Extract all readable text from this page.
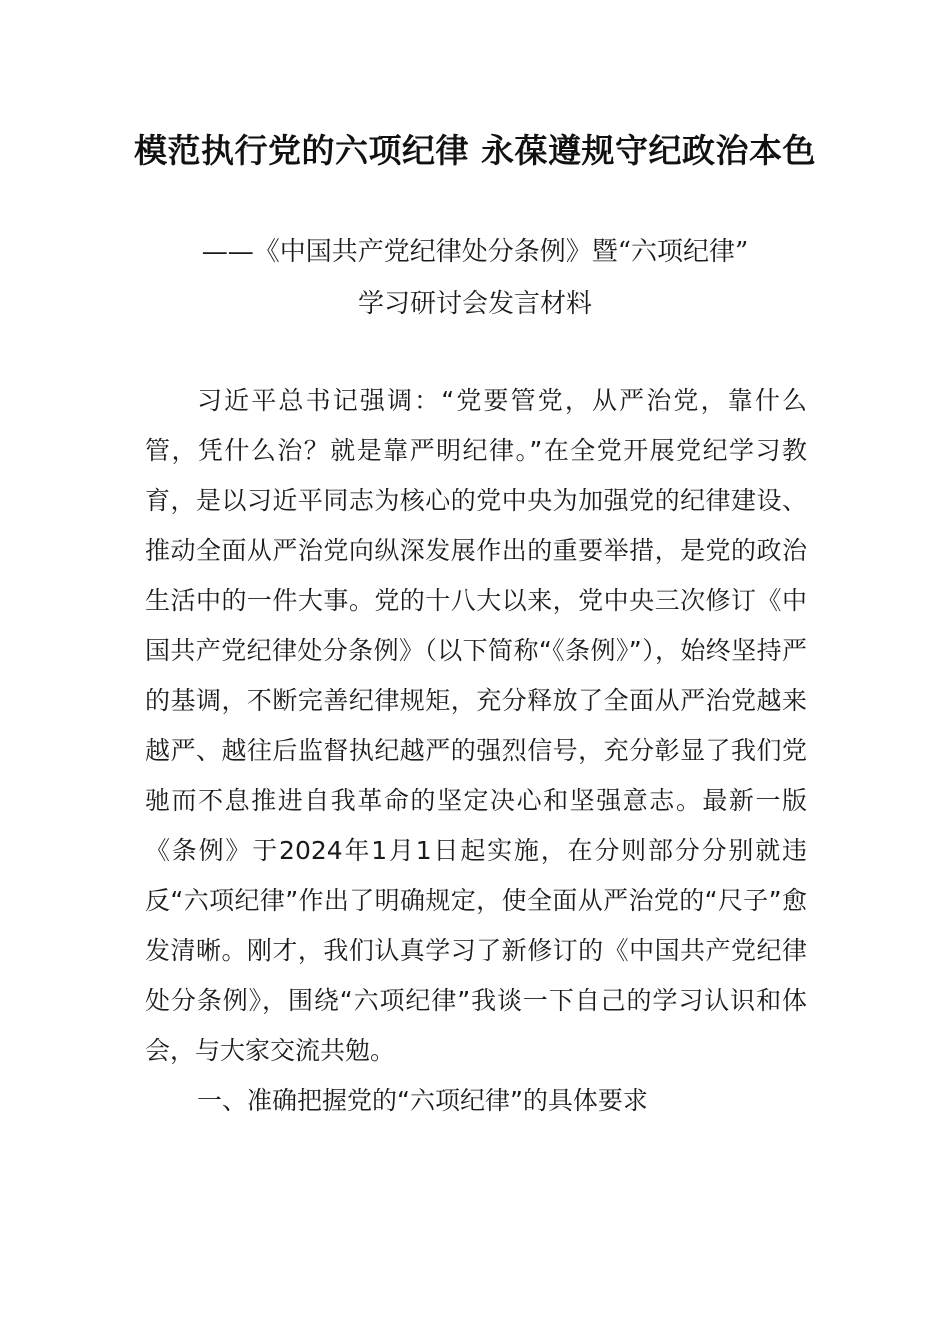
模范执行党的六项纪律 永葆遵规守纪政治本色
——《中国共产党纪律处分条例》暨“六项纪律”
学习研讨会发言材料

习近平总书记强调：“党要管党，从严治党，靠什么管，凭什么治？就是靠严明纪律。”在全党开展党纪学习教育，是以习近平同志为核心的党中央为加强党的纪律建设、推动全面从严治党向纵深发展作出的重要举措，是党的政治生活中的一件大事。党的十八大以来，党中央三次修订《中国共产党纪律处分条例》（以下简称“《条例》”），始终坚持严的基调，不断完善纪律规矩，充分释放了全面从严治党越来越严、越往后监督执纪越严的强烈信号，充分彰显了我们党驰而不息推进自我革命的坚定决心和坚强意志。最新一版《条例》于2024年1月1日起实施，在分则部分分别就违反“六项纪律”作出了明确规定，使全面从严治党的“尺子”愈发清晰。刚才，我们认真学习了新修订的《中国共产党纪律处分条例》，围绕“六项纪律”我谈一下自己的学习认识和体会，与大家交流共勉。

一、准确把握党的“六项纪律”的具体要求
